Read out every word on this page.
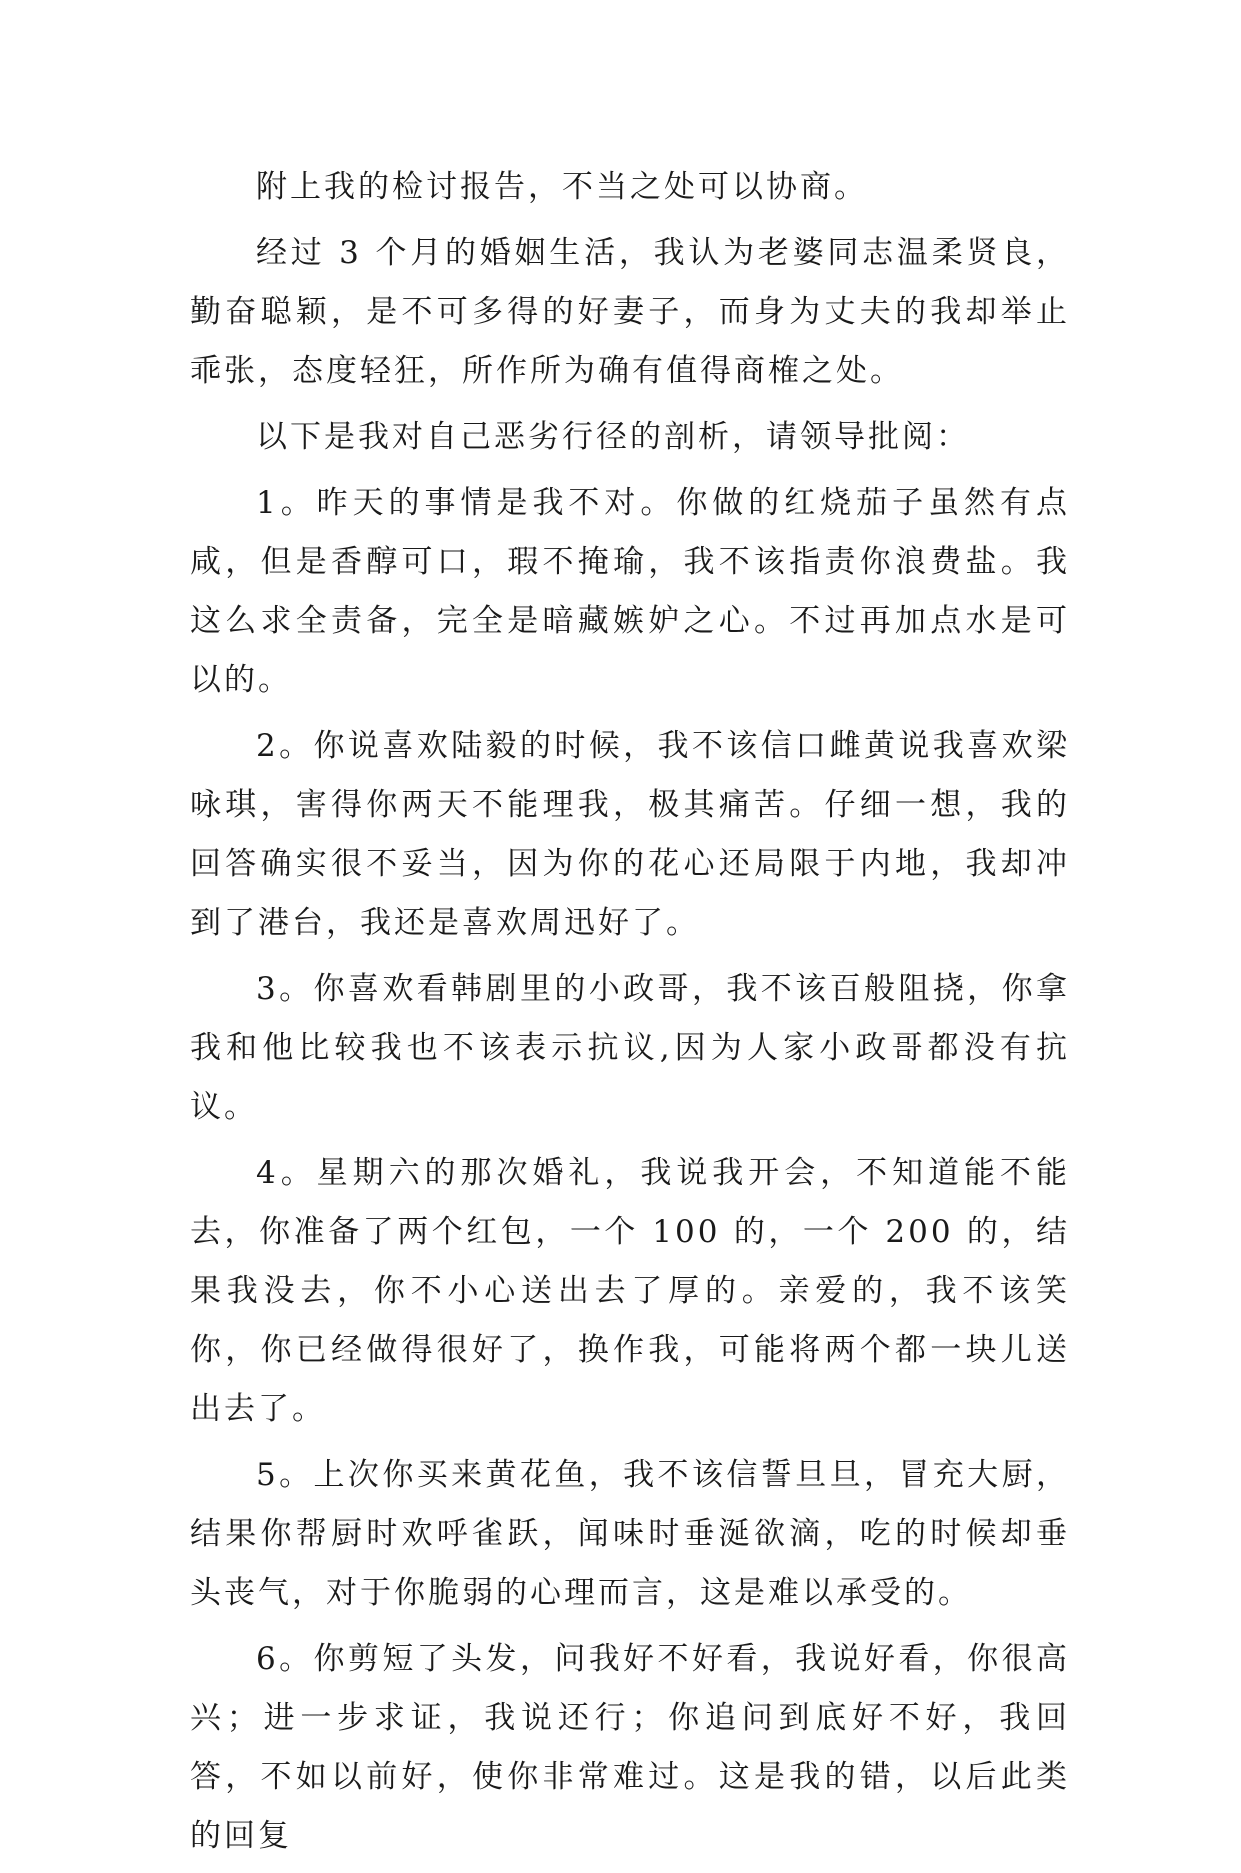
附上我的检讨报告，不当之处可以协商。

经过 3 个月的婚姻生活，我认为老婆同志温柔贤良，勤奋聪颖，是不可多得的好妻子，而身为丈夫的我却举止乖张，态度轻狂，所作所为确有值得商榷之处。

以下是我对自己恶劣行径的剖析，请领导批阅：

1。昨天的事情是我不对。你做的红烧茄子虽然有点咸，但是香醇可口，瑕不掩瑜，我不该指责你浪费盐。我这么求全责备，完全是暗藏嫉妒之心。不过再加点水是可以的。

2。你说喜欢陆毅的时候，我不该信口雌黄说我喜欢梁咏琪，害得你两天不能理我，极其痛苦。仔细一想，我的回答确实很不妥当，因为你的花心还局限于内地，我却冲到了港台，我还是喜欢周迅好了。

3。你喜欢看韩剧里的小政哥，我不该百般阻挠，你拿我和他比较我也不该表示抗议,因为人家小政哥都没有抗议。

4。星期六的那次婚礼，我说我开会，不知道能不能去，你准备了两个红包，一个 100 的，一个 200 的，结果我没去，你不小心送出去了厚的。亲爱的，我不该笑你，你已经做得很好了，换作我，可能将两个都一块儿送出去了。

5。上次你买来黄花鱼，我不该信誓旦旦，冒充大厨，结果你帮厨时欢呼雀跃，闻味时垂涎欲滴，吃的时候却垂头丧气，对于你脆弱的心理而言，这是难以承受的。

6。你剪短了头发，问我好不好看，我说好看，你很高兴；进一步求证，我说还行；你追问到底好不好，我回答，不如以前好，使你非常难过。这是我的错，以后此类的回复
